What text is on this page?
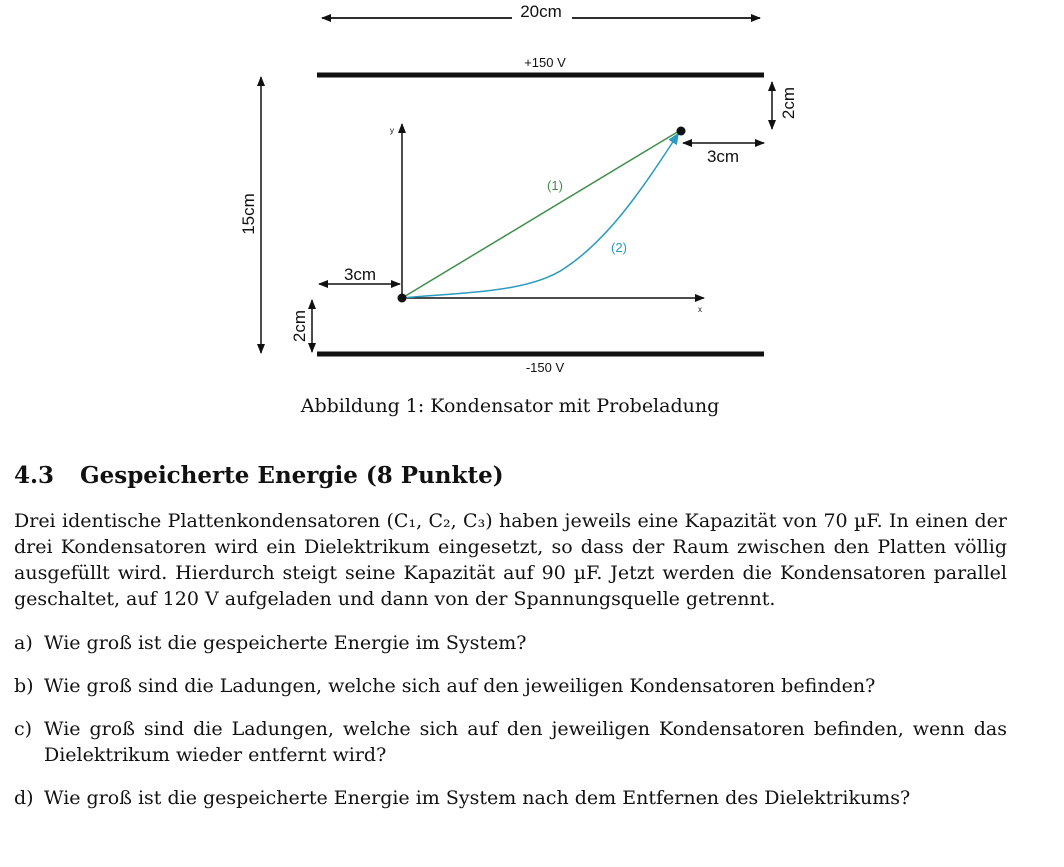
20cm
+150 V
-150 V
2cm
3cm
15cm
y
x
3cm
2cm
(1)
(2)
Abbildung 1: Kondensator mit Probeladung
4.3 Gespeicherte Energie (8 Punkte)
Drei identische Plattenkondensatoren (C₁, C₂, C₃) haben jeweils eine Kapazität von 70 µF. In einen der drei Kondensatoren wird ein Dielektrikum eingesetzt, so dass der Raum zwischen den Platten völlig ausgefüllt wird. Hierdurch steigt seine Kapazität auf 90 µF. Jetzt werden die Kondensatoren parallel geschaltet, auf 120 V aufgeladen und dann von der Spannungsquelle getrennt.
a) Wie groß ist die gespeicherte Energie im System?
b) Wie groß sind die Ladungen, welche sich auf den jeweiligen Kondensatoren befinden?
c) Wie groß sind die Ladungen, welche sich auf den jeweiligen Kondensatoren befinden, wenn das Dielektrikum wieder entfernt wird?
d) Wie groß ist die gespeicherte Energie im System nach dem Entfernen des Dielektrikums?
